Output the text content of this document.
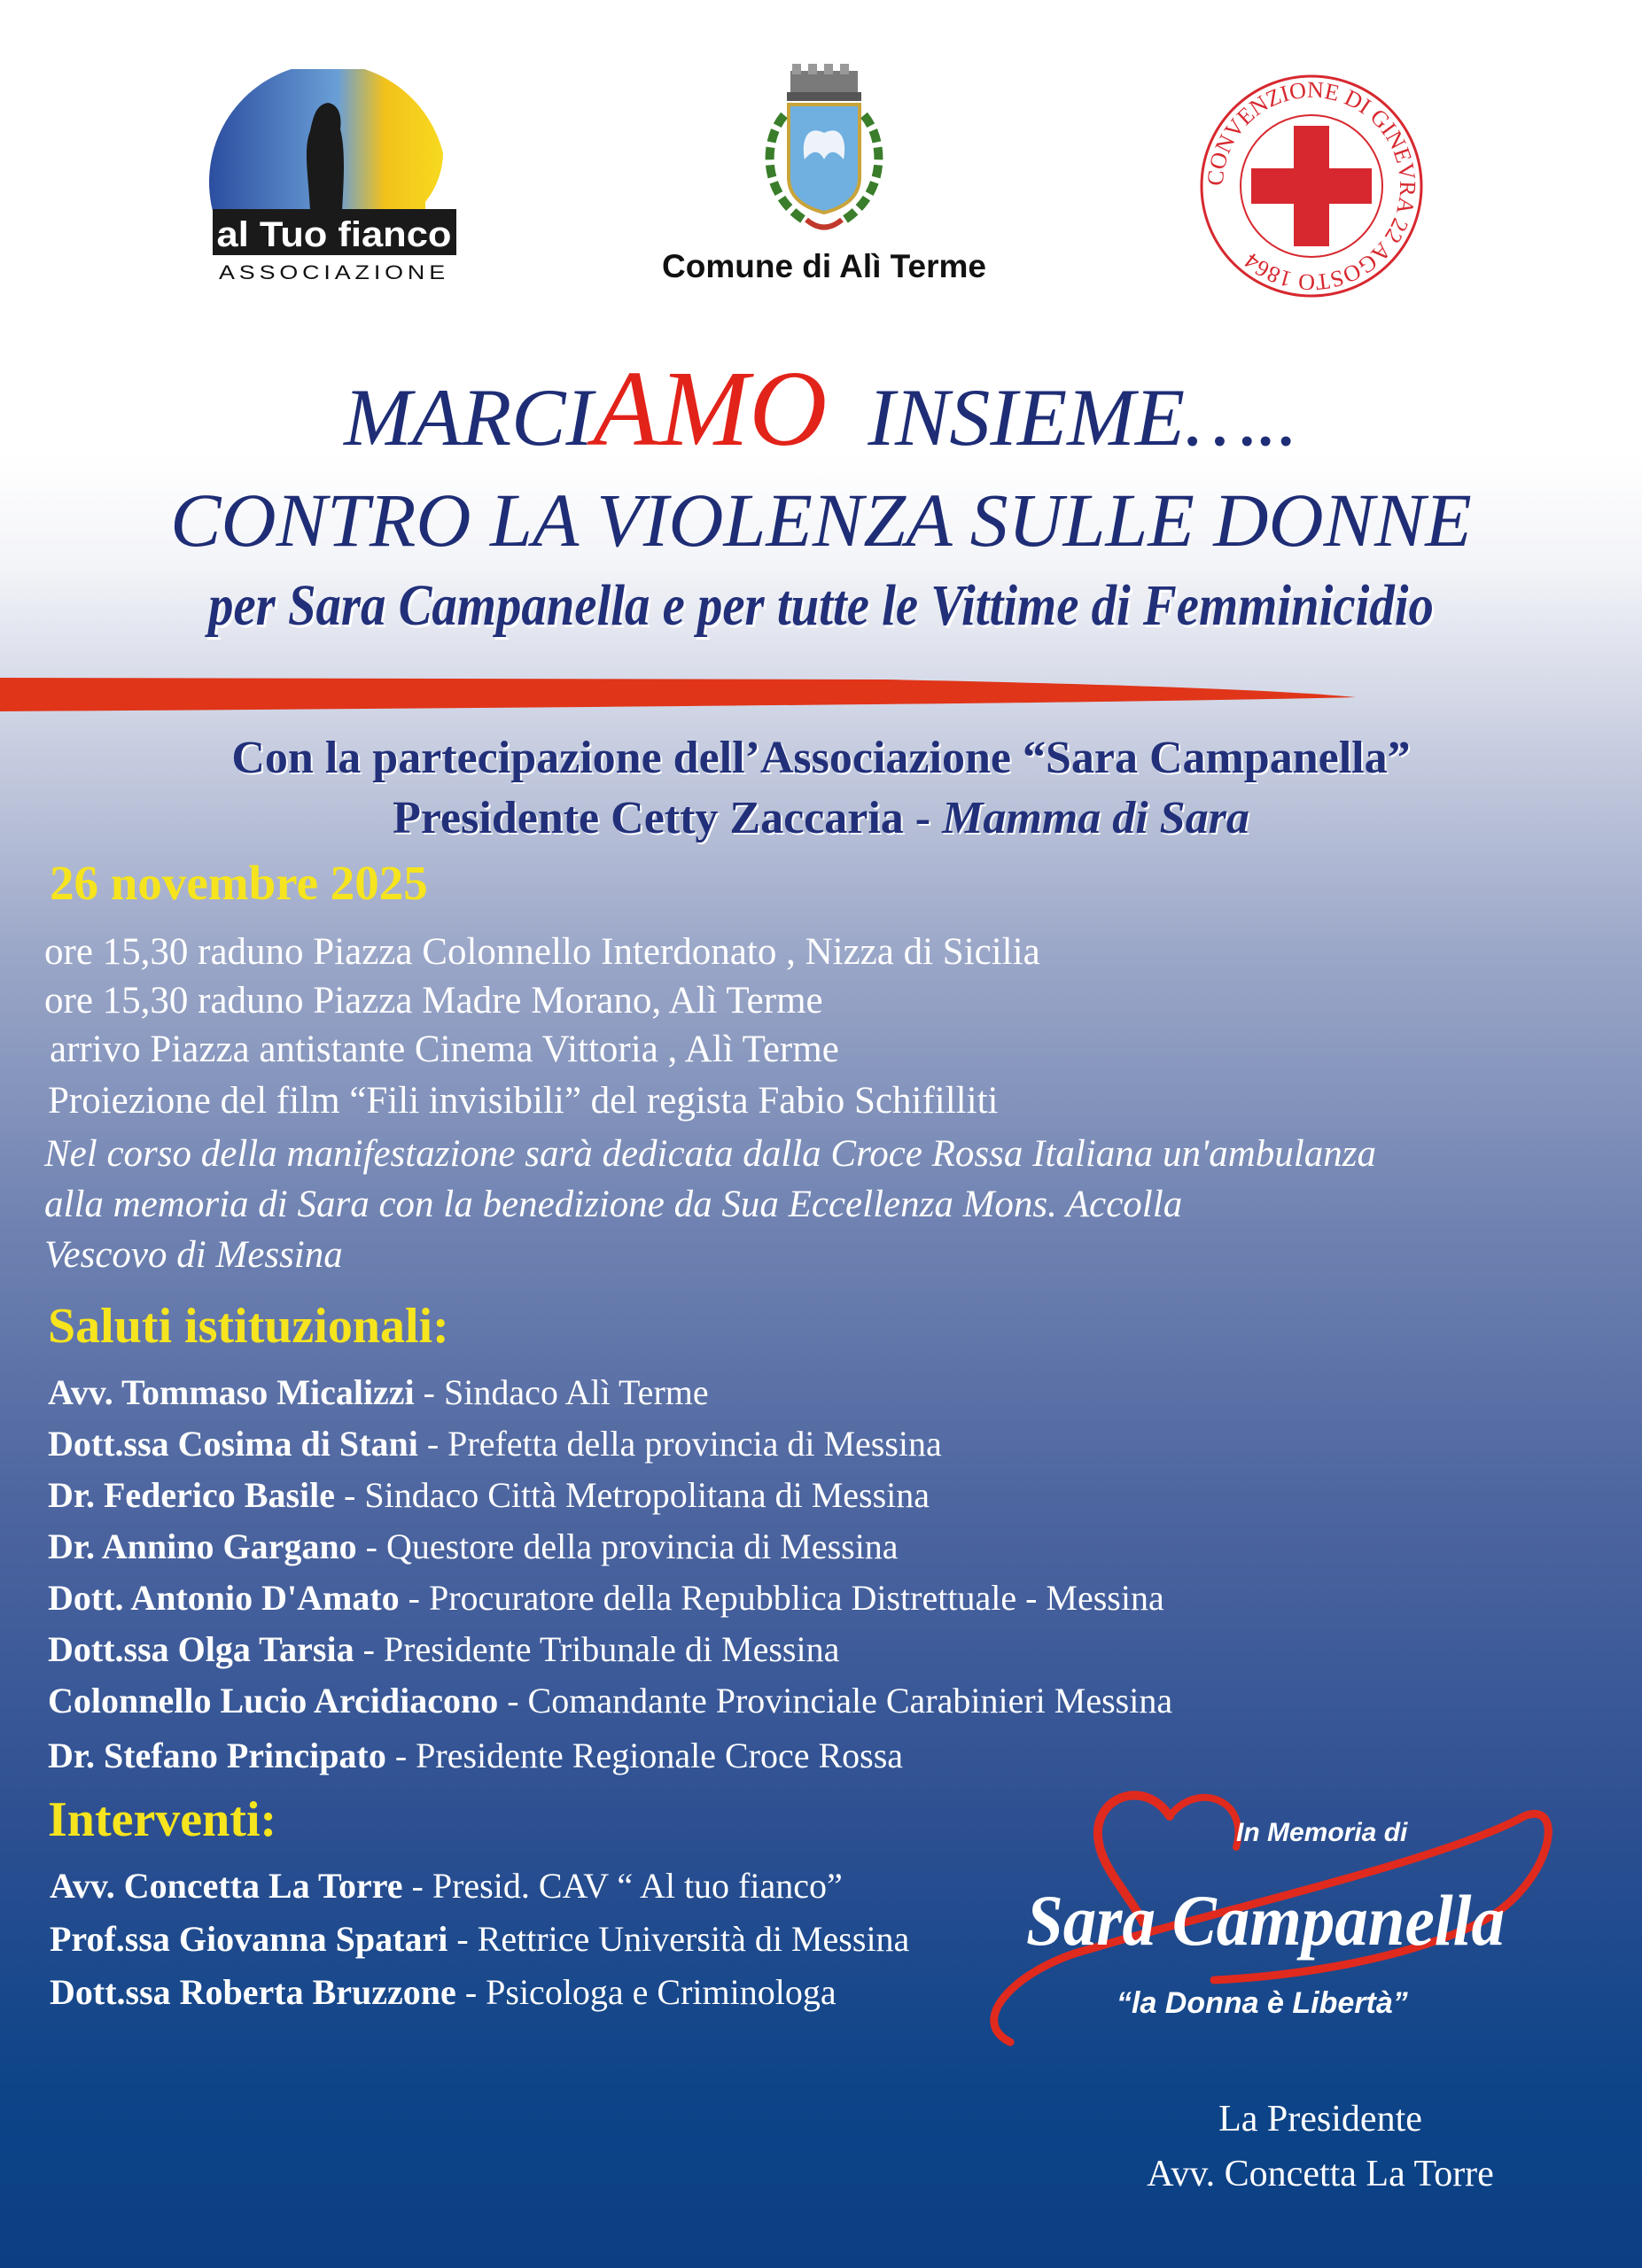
al Tuo fianco
ASSOCIAZIONE	Comune di Alì Terme
CONVENZIONE DI GINEVRA 22 AGOSTO 1864
MARCIAMO INSIEME…..
CONTRO LA VIOLENZA SULLE DONNE
per Sara Campanella e per tutte le Vittime di Femminicidio
Con la partecipazione dell’Associazione “Sara Campanella”
Presidente Cetty Zaccaria - Mamma di Sara
26 novembre 2025
ore 15,30 raduno Piazza Colonnello Interdonato , Nizza di Sicilia
ore 15,30 raduno Piazza Madre Morano, Alì Terme
arrivo Piazza antistante Cinema Vittoria , Alì Terme
Proiezione del film “Fili invisibili” del regista Fabio Schifilliti
Nel corso della manifestazione sarà dedicata dalla Croce Rossa Italiana un'ambulanza
alla memoria di Sara con la benedizione da Sua Eccellenza Mons. Accolla
Vescovo di Messina
Saluti istituzionali:
Avv. Tommaso Micalizzi - Sindaco Alì Terme
Dott.ssa Cosima di Stani - Prefetta della provincia di Messina
Dr. Federico Basile - Sindaco Città Metropolitana di Messina
Dr. Annino Gargano - Questore della provincia di Messina
Dott. Antonio D'Amato - Procuratore della Repubblica Distrettuale - Messina
Dott.ssa Olga Tarsia - Presidente Tribunale di Messina
Colonnello Lucio Arcidiacono - Comandante Provinciale Carabinieri Messina
Dr. Stefano Principato - Presidente Regionale Croce Rossa
Interventi:
Avv. Concetta La Torre - Presid. CAV “ Al tuo fianco”
Prof.ssa Giovanna Spatari - Rettrice Università di Messina
Dott.ssa Roberta Bruzzone - Psicologa e Criminologa
In Memoria di
Sara Campanella
“la Donna è Libertà”
La Presidente
Avv. Concetta La Torre
